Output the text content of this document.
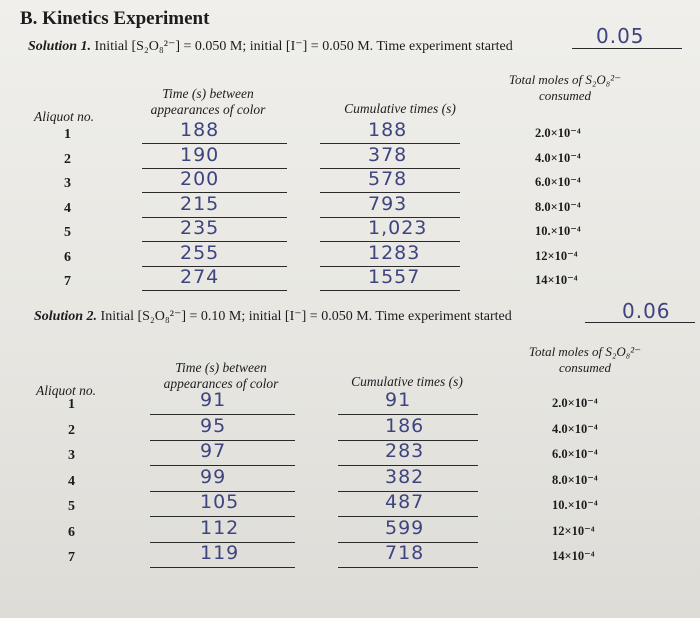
B. Kinetics Experiment
Solution 1. Initial [S₂O₈²⁻] = 0.050 M; initial [I⁻] = 0.050 M. Time experiment started	0.05
Time (s) between appearances of color	Cumulative times (s)
Total moles of S₂O₈²⁻ consumed
Aliquot no.
1	188	188	2.0×10⁻⁴
2	190	378	4.0×10⁻⁴
3	200	578	6.0×10⁻⁴
4	215	793	8.0×10⁻⁴
5	235	1,023	10.×10⁻⁴
6	255	1283	12×10⁻⁴
7	274	1557	14×10⁻⁴
Solution 2. Initial [S₂O₈²⁻] = 0.10 M; initial [I⁻] = 0.050 M. Time experiment started	0.06
Time (s) between appearances of color	Cumulative times (s)
Total moles of S₂O₈²⁻ consumed
Aliquot no.
1	91	91	2.0×10⁻⁴
2	95	186	4.0×10⁻⁴
3	97	283	6.0×10⁻⁴
4	99	382	8.0×10⁻⁴
5	105	487	10.×10⁻⁴
6	112	599	12×10⁻⁴
7	119	718	14×10⁻⁴
